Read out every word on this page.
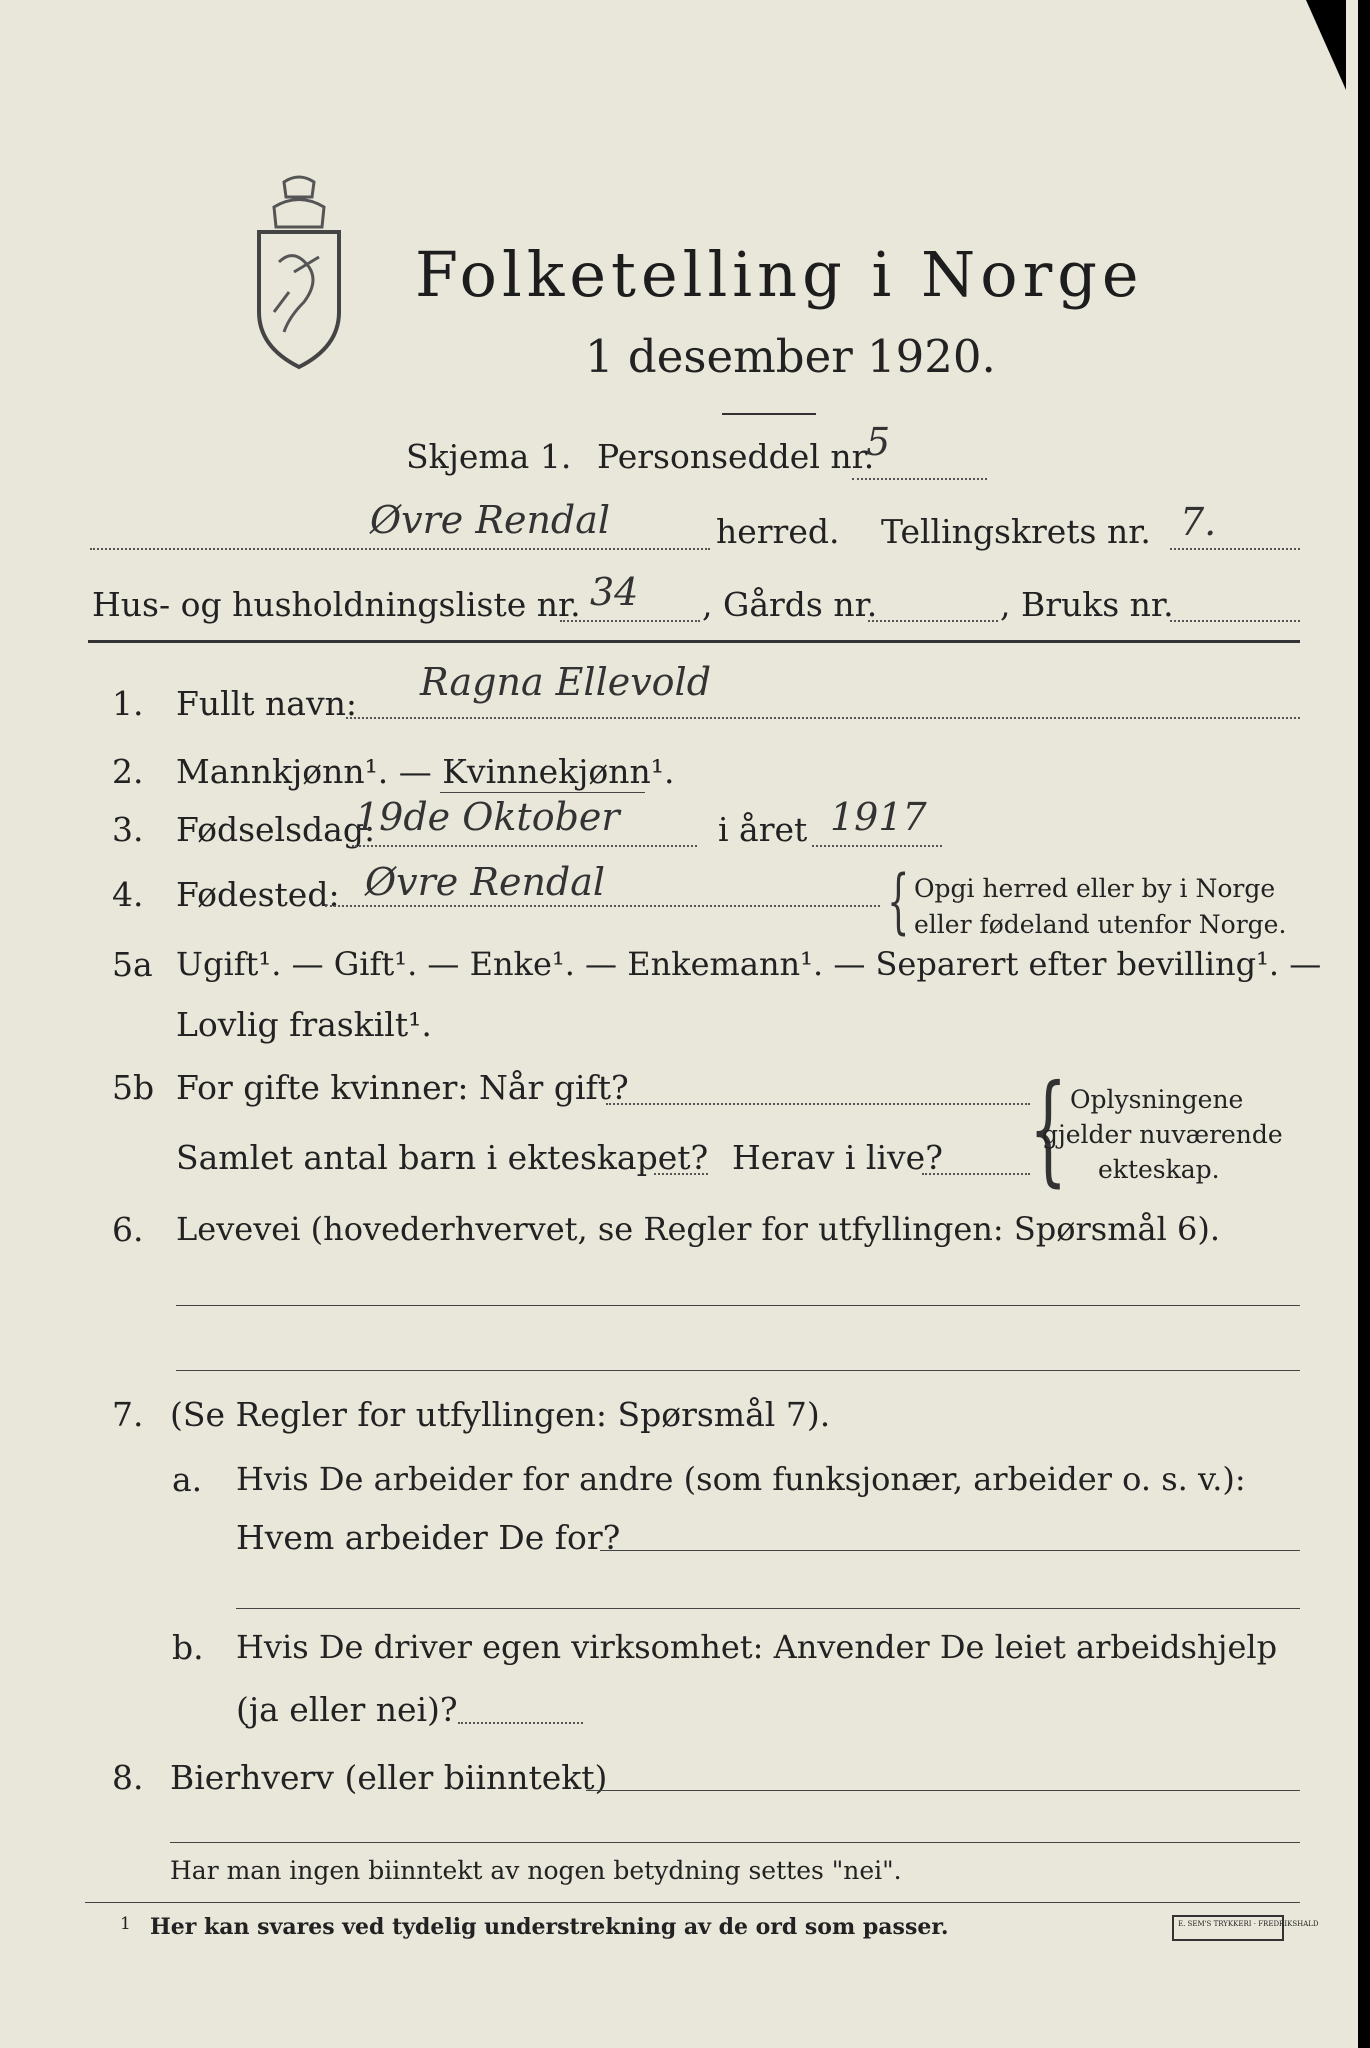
Folketelling i Norge
1 desember 1920.
Skjema 1. Personseddel nr.
5
Øvre Rendal	herred. Tellingskrets nr. 7.
Hus- og husholdningsliste nr. 34 , Gårds nr.	, Bruks nr.
1. Fullt navn: Ragna Ellevold
2. Mannkjønn¹. — Kvinnekjønn¹.
3. Fødselsdag:
19de Oktober	i året 1917
4. Fødested: Øvre Rendal	{ Opgi herred eller by i Norge
eller fødeland utenfor Norge.
5a Ugift¹. — Gift¹. — Enke¹. — Enkemann¹. — Separert efter bevilling¹. —
Lovlig fraskilt¹.
5b For gifte kvinner: Når gift?
Samlet antal barn i ekteskapet? Herav i live? { Oplysningene
gjelder nuværende
ekteskap.
6. Levevei (hovederhvervet, se Regler for utfyllingen: Spørsmål 6).
7. (Se Regler for utfyllingen: Spørsmål 7).
a. Hvis De arbeider for andre (som funksjonær, arbeider o. s. v.):
Hvem arbeider De for?
b. Hvis De driver egen virksomhet: Anvender De leiet arbeidshjelp
(ja eller nei)?
8. Bierhverv (eller biinntekt)
Har man ingen biinntekt av nogen betydning settes "nei".
1 Her kan svares ved tydelig understrekning av de ord som passer.	E. SEM'S TRYKKERI · FREDRIKSHALD
